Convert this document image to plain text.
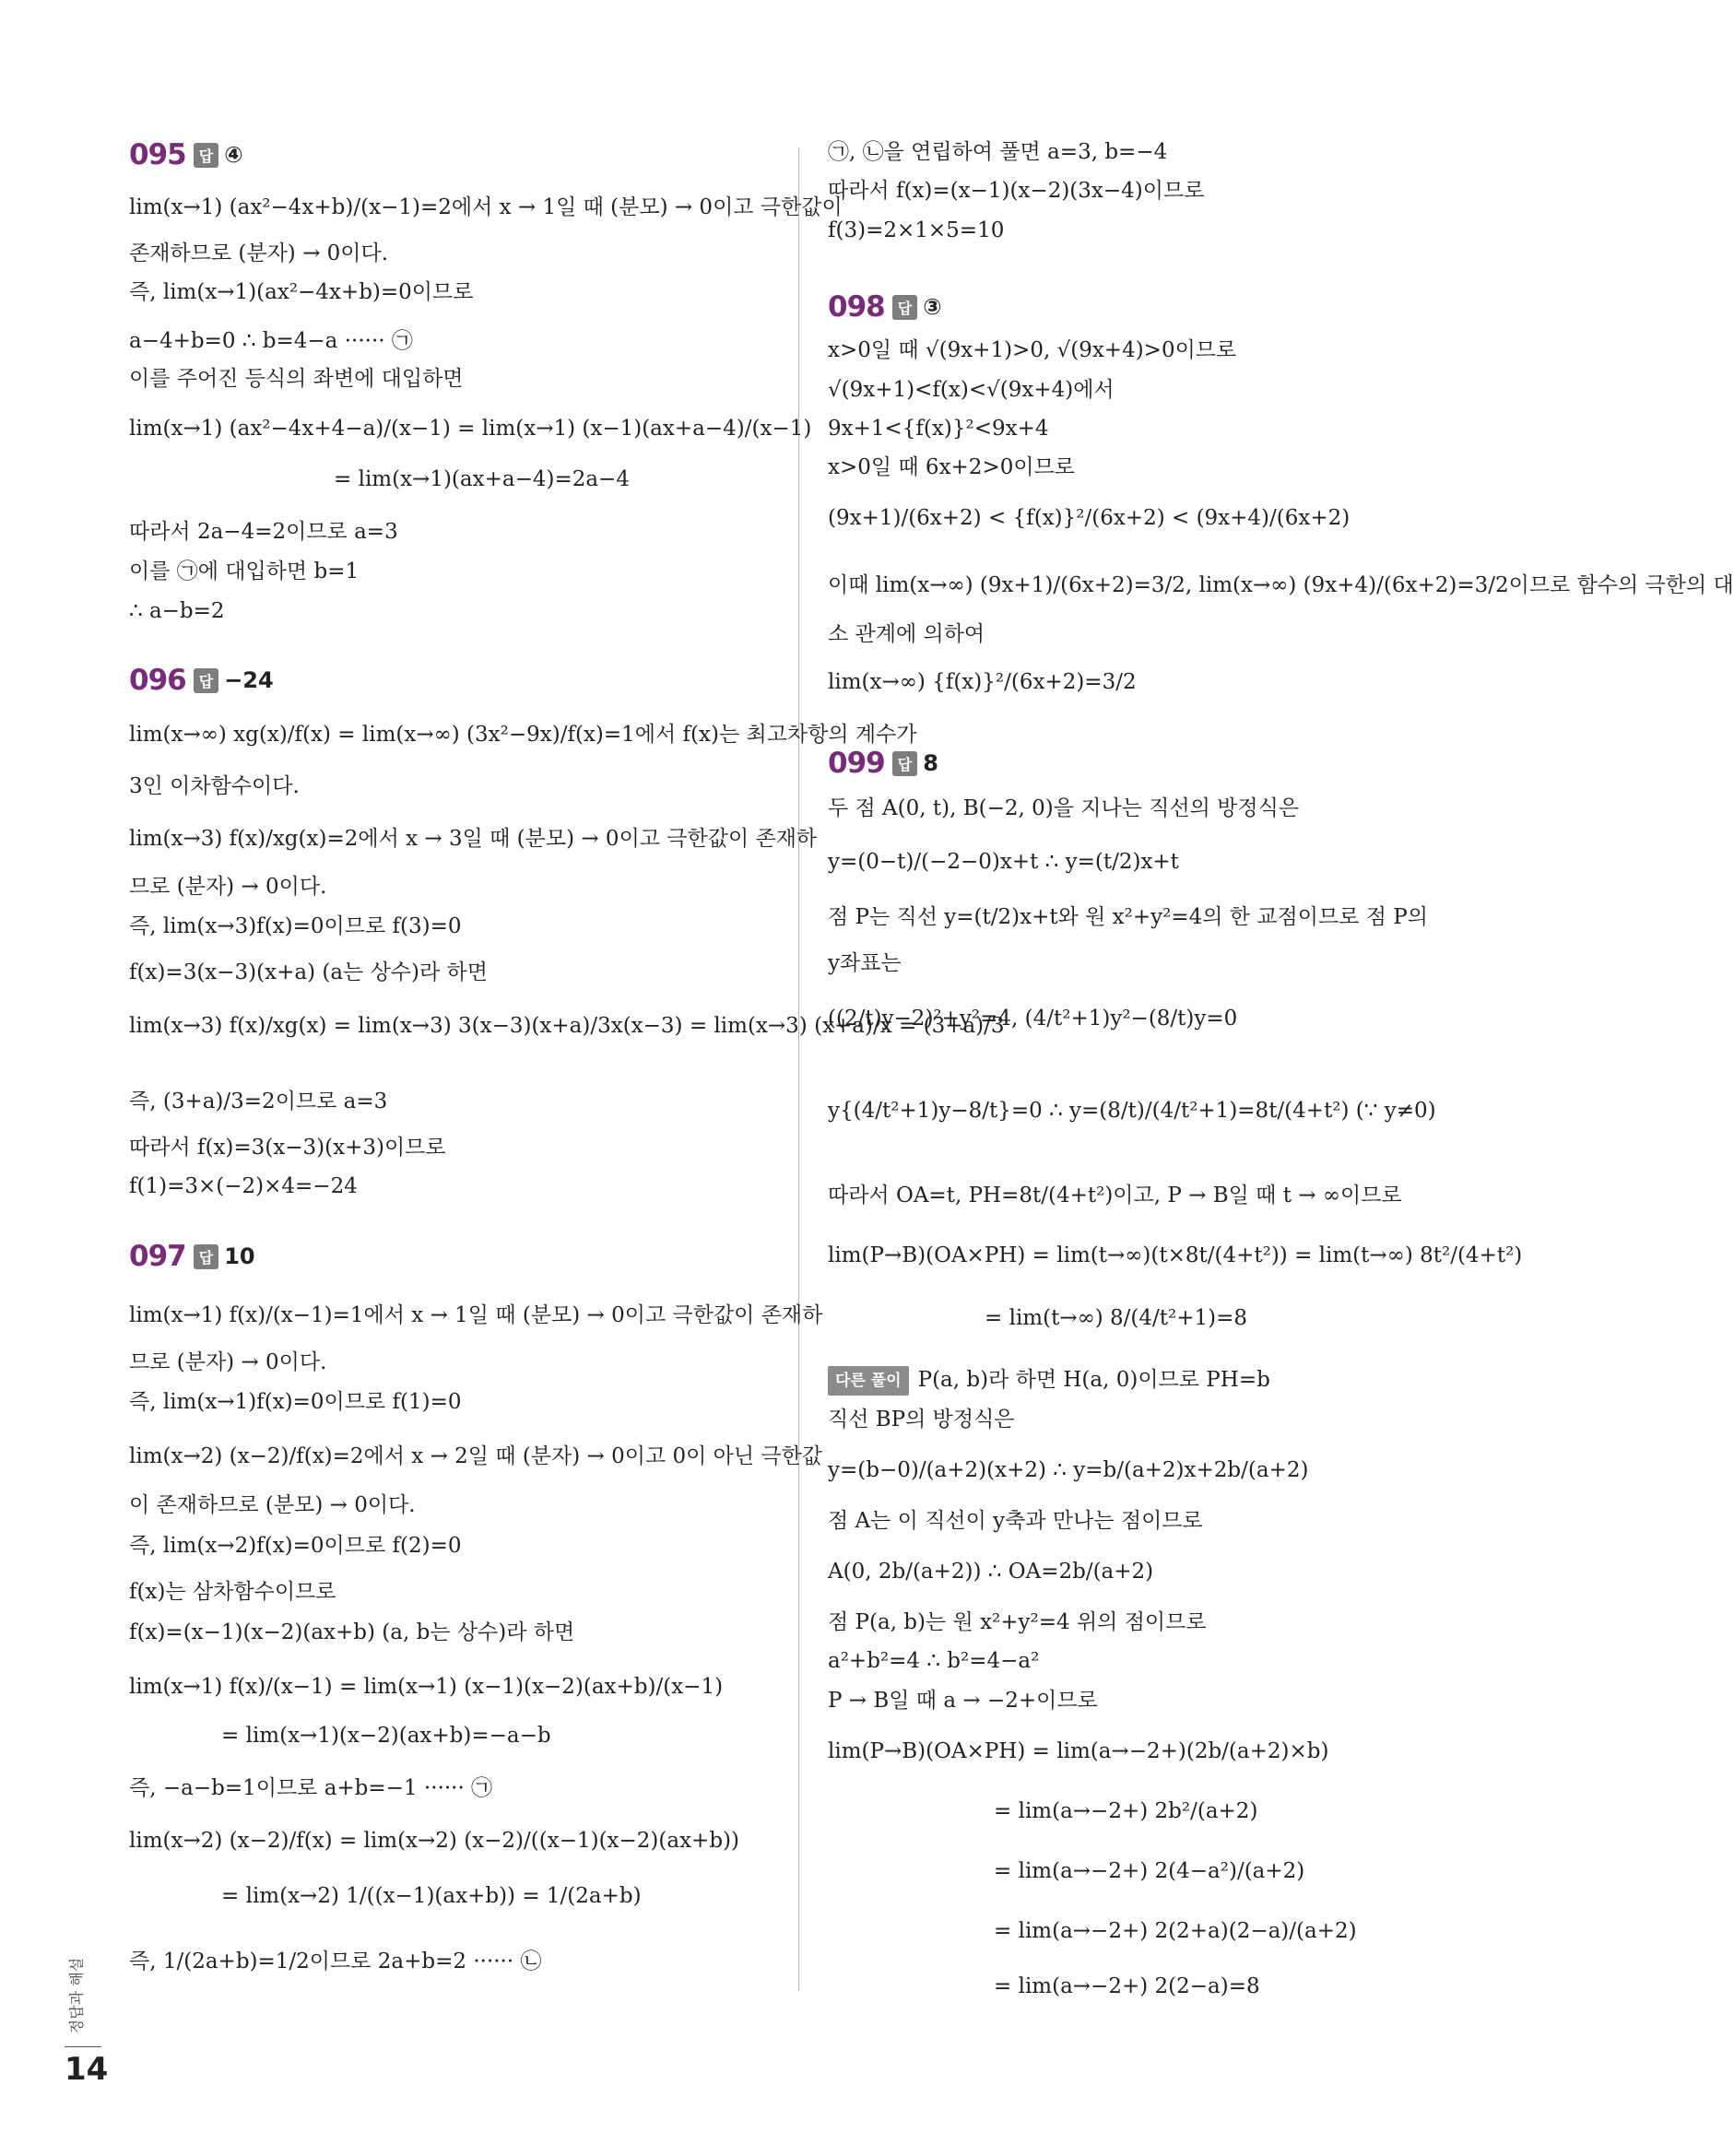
095 답 ④
lim(x→1) (ax²−4x+b)/(x−1)=2에서 x → 1일 때 (분모) → 0이고 극한값이
존재하므로 (분자) → 0이다.
즉, lim(x→1)(ax²−4x+b)=0이므로
a−4+b=0 ∴ b=4−a ······ ㉠
이를 주어진 등식의 좌변에 대입하면
lim(x→1) (ax²−4x+4−a)/(x−1) = lim(x→1) (x−1)(ax+a−4)/(x−1)
= lim(x→1)(ax+a−4)=2a−4
따라서 2a−4=2이므로 a=3
이를 ㉠에 대입하면 b=1
∴ a−b=2
096 답 −24
lim(x→∞) xg(x)/f(x) = lim(x→∞) (3x²−9x)/f(x)=1에서 f(x)는 최고차항의 계수가
3인 이차함수이다.
lim(x→3) f(x)/xg(x)=2에서 x → 3일 때 (분모) → 0이고 극한값이 존재하
므로 (분자) → 0이다.
즉, lim(x→3)f(x)=0이므로 f(3)=0
f(x)=3(x−3)(x+a) (a는 상수)라 하면
lim(x→3) f(x)/xg(x) = lim(x→3) 3(x−3)(x+a)/3x(x−3) = lim(x→3) (x+a)/x = (3+a)/3
즉, (3+a)/3=2이므로 a=3
따라서 f(x)=3(x−3)(x+3)이므로
f(1)=3×(−2)×4=−24
097 답 10
lim(x→1) f(x)/(x−1)=1에서 x → 1일 때 (분모) → 0이고 극한값이 존재하
므로 (분자) → 0이다.
즉, lim(x→1)f(x)=0이므로 f(1)=0
lim(x→2) (x−2)/f(x)=2에서 x → 2일 때 (분자) → 0이고 0이 아닌 극한값
이 존재하므로 (분모) → 0이다.
즉, lim(x→2)f(x)=0이므로 f(2)=0
f(x)는 삼차함수이므로
f(x)=(x−1)(x−2)(ax+b) (a, b는 상수)라 하면
lim(x→1) f(x)/(x−1) = lim(x→1) (x−1)(x−2)(ax+b)/(x−1)
= lim(x→1)(x−2)(ax+b)=−a−b
즉, −a−b=1이므로 a+b=−1 ······ ㉠
lim(x→2) (x−2)/f(x) = lim(x→2) (x−2)/((x−1)(x−2)(ax+b))
= lim(x→2) 1/((x−1)(ax+b)) = 1/(2a+b)
즉, 1/(2a+b)=1/2이므로 2a+b=2 ······ ㉡
㉠, ㉡을 연립하여 풀면 a=3, b=−4
따라서 f(x)=(x−1)(x−2)(3x−4)이므로
f(3)=2×1×5=10
098 답 ③
x>0일 때 √(9x+1)>0, √(9x+4)>0이므로
√(9x+1)<f(x)<√(9x+4)에서
9x+1<{f(x)}²<9x+4
x>0일 때 6x+2>0이므로
(9x+1)/(6x+2) < {f(x)}²/(6x+2) < (9x+4)/(6x+2)
이때 lim(x→∞) (9x+1)/(6x+2)=3/2, lim(x→∞) (9x+4)/(6x+2)=3/2이므로 함수의 극한의 대
소 관계에 의하여
lim(x→∞) {f(x)}²/(6x+2)=3/2
099 답 8
두 점 A(0, t), B(−2, 0)을 지나는 직선의 방정식은
y=(0−t)/(−2−0)x+t ∴ y=(t/2)x+t
점 P는 직선 y=(t/2)x+t와 원 x²+y²=4의 한 교점이므로 점 P의
y좌표는
((2/t)y−2)²+y²=4, (4/t²+1)y²−(8/t)y=0
y{(4/t²+1)y−8/t}=0 ∴ y=(8/t)/(4/t²+1)=8t/(4+t²) (∵ y≠0)
따라서 OA=t, PH=8t/(4+t²)이고, P → B일 때 t → ∞이므로
lim(P→B)(OA×PH) = lim(t→∞)(t×8t/(4+t²)) = lim(t→∞) 8t²/(4+t²)
= lim(t→∞) 8/(4/t²+1)=8
다른 풀이 P(a, b)라 하면 H(a, 0)이므로 PH=b
직선 BP의 방정식은
y=(b−0)/(a+2)(x+2) ∴ y=b/(a+2)x+2b/(a+2)
점 A는 이 직선이 y축과 만나는 점이므로
A(0, 2b/(a+2)) ∴ OA=2b/(a+2)
점 P(a, b)는 원 x²+y²=4 위의 점이므로
a²+b²=4 ∴ b²=4−a²
P → B일 때 a → −2+이므로
lim(P→B)(OA×PH) = lim(a→−2+)(2b/(a+2)×b)
= lim(a→−2+) 2b²/(a+2)
= lim(a→−2+) 2(4−a²)/(a+2)
= lim(a→−2+) 2(2+a)(2−a)/(a+2)
= lim(a→−2+) 2(2−a)=8
정답과 해설
14
